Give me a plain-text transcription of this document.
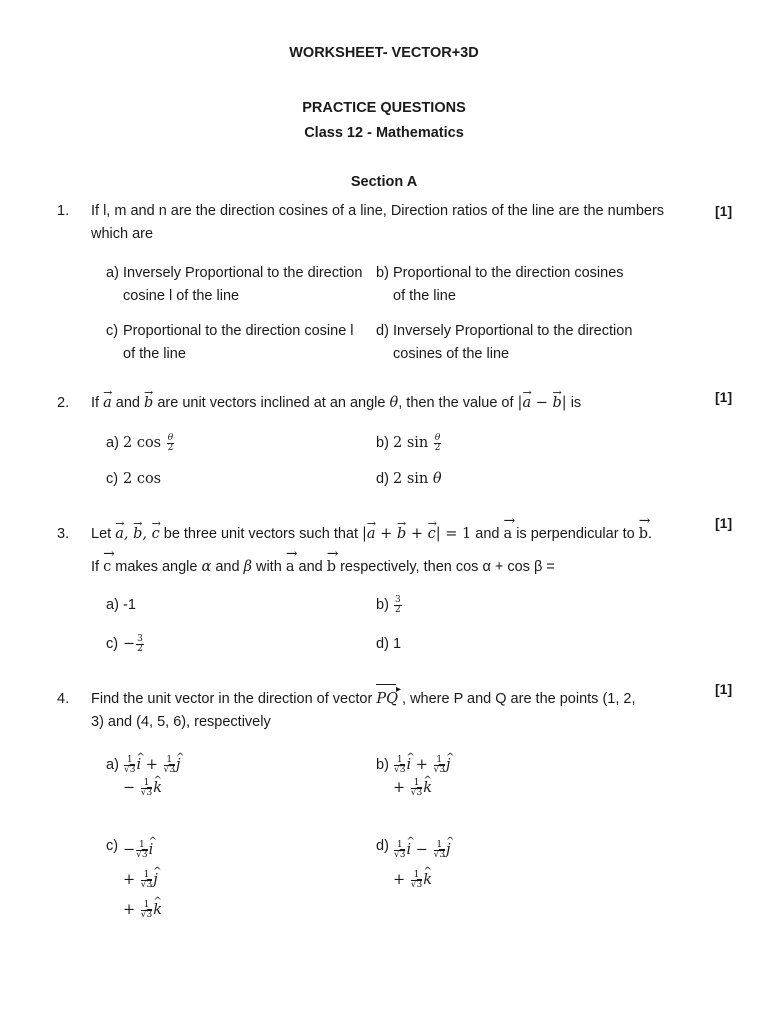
WORKSHEET- VECTOR+3D
PRACTICE QUESTIONS
Class 12 - Mathematics
Section A
1. If l, m and n are the direction cosines of a line, Direction ratios of the line are the numbers which are
[1]
a) Inversely Proportional to the direction cosine l of the line
b) Proportional to the direction cosines of the line
c) Proportional to the direction cosine l of the line
d) Inversely Proportional to the direction cosines of the line
2. If → a and → b are unit vectors inclined at an angle θ, then the value of |→ a − → b| is	[1]
a) 2 $\cos \frac{\theta}{2}$	b) 2 $\sin \frac{\theta}{2}$
c) 2 cos	d) 2 sin θ
3. Let → a, → b, → c be three unit vectors such that |→ a + → b + → c| = 1 and → a is perpendicular to → b.
If → c makes angle α and β with → a and → b respectively, then cos α + cos β =
[1]
a) -1	$b) \frac{3}{2}$
$c) - \frac{3}{2}$	d) 1
4. Find the unit vector in the direction of vector PQ ▸ , where P and Q are the points (1, 2,
3) and (4, 5, 6), respectively
[1]
$a) \frac{1}{√3}$ ^ $i + \frac{1}{√3}$ ^ j
− $\frac{1}{√3}$ ^ k
$b) \frac{1}{√3}$ ^ $i + \frac{1}{√3}$ ^ j
+ $\frac{1}{√3}$ ^ k
$c) - \frac{1}{√3}$ ^ i
+ $\frac{1}{√3}$ ^ j
+ $\frac{1}{√3}$ ^ k
$d) \frac{1}{√3}$ ^ $i - \frac{1}{√3}$ ^ j
+ $\frac{1}{√3}$ ^ k
